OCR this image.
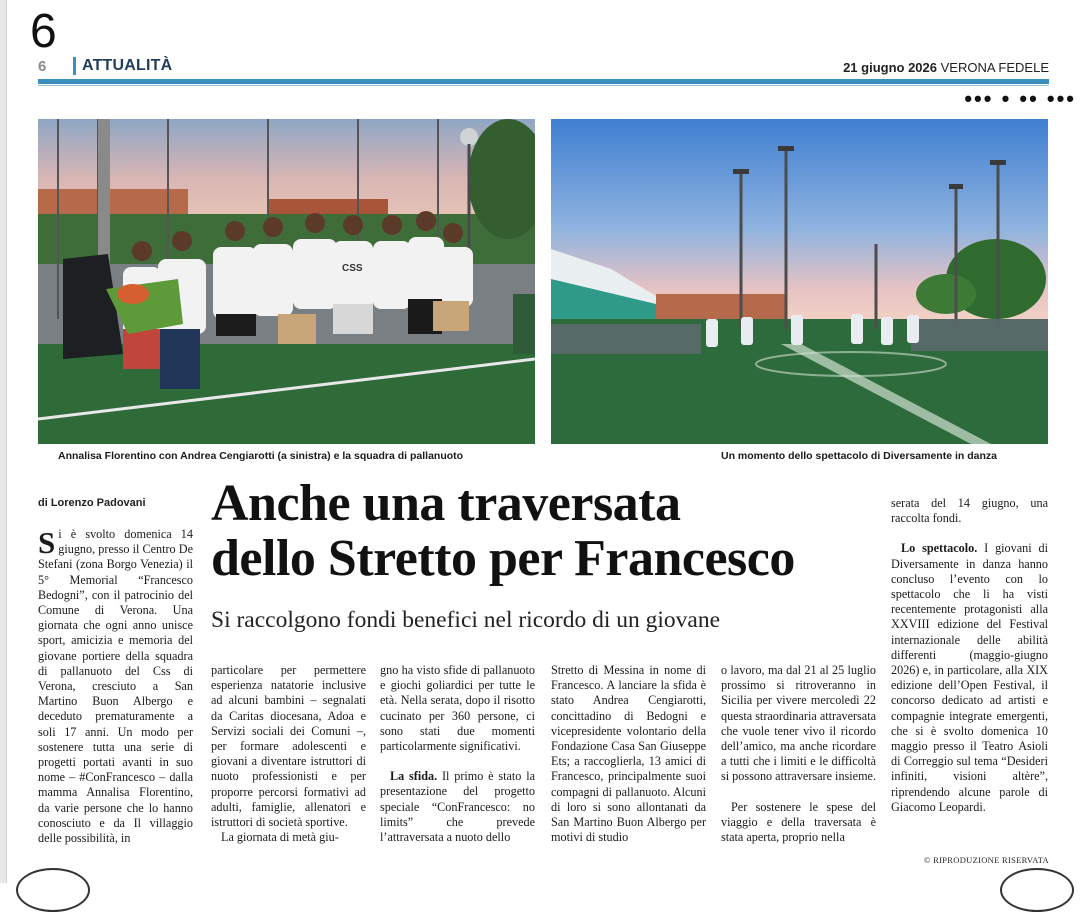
6
6 ATTUALITÀ	21 giugno 2026 VERONA FEDELE
••• • •• •••
CSS
Annalisa Florentino con Andrea Cengiarotti (a sinistra) e la squadra di pallanuoto	Un momento dello spettacolo di Diversamente in danza
di Lorenzo Padovani Anche una traversata
dello Stretto per Francesco
Si raccolgono fondi benefici nel ricordo di un giovane

Si è svolto domenica 14 giugno, presso il Centro De Stefani (zona Borgo Venezia) il 5° Memorial “Francesco Bedogni”, con il patrocinio del Comune di Verona. Una giornata che ogni anno unisce sport, amicizia e memoria del giovane portiere della squadra di pallanuoto del Css di Verona, cresciuto a San Martino Buon Albergo e deceduto prematuramente a soli 17 anni. Un modo per sostenere tutta una serie di progetti portati avanti in suo nome – #ConFrancesco – dalla mamma Annalisa Florentino, da varie persone che lo hanno conosciuto e da Il villaggio delle possibilità, in

particolare per permettere esperienza natatorie inclusive ad alcuni bambini – segnalati da Caritas diocesana, Adoa e Servizi sociali dei Comuni –, per formare adolescenti e giovani a diventare istruttori di nuoto professionisti e per proporre percorsi formativi ad adulti, famiglie, allenatori e istruttori di società sportive.

La giornata di metà giu-

gno ha visto sfide di pallanuoto e giochi goliardici per tutte le età. Nella serata, dopo il risotto cucinato per 360 persone, ci sono stati due momenti particolarmente significativi.

La sfida. Il primo è stato la presentazione del progetto speciale “ConFrancesco: no limits” che prevede l’attraversata a nuoto dello

Stretto di Messina in nome di Francesco. A lanciare la sfida è stato Andrea Cengiarotti, concittadino di Bedogni e vicepresidente volontario della Fondazione Casa San Giuseppe Ets; a raccoglierla, 13 amici di Francesco, principalmente suoi compagni di pallanuoto. Alcuni di loro si sono allontanati da San Martino Buon Albergo per motivi di studio

o lavoro, ma dal 21 al 25 luglio prossimo si ritroveranno in Sicilia per vivere mercoledì 22 questa straordinaria attraversata che vuole tener vivo il ricordo dell’amico, ma anche ricordare a tutti che i limiti e le difficoltà si possono attraversare insieme.

Per sostenere le spese del viaggio e della traversata è stata aperta, proprio nella

serata del 14 giugno, una raccolta fondi.

Lo spettacolo. I giovani di Diversamente in danza hanno concluso l’evento con lo spettacolo che li ha visti recentemente protagonisti alla XXVIII edizione del Festival internazionale delle abilità differenti (maggio-giugno 2026) e, in particolare, alla XIX edizione dell’Open Festival, il concorso dedicato ad artisti e compagnie integrate emergenti, che si è svolto domenica 10 maggio presso il Teatro Asioli di Correggio sul tema “Desideri infiniti, visioni altère”, riprendendo alcune parole di Giacomo Leopardi.

© RIPRODUZIONE RISERVATA
